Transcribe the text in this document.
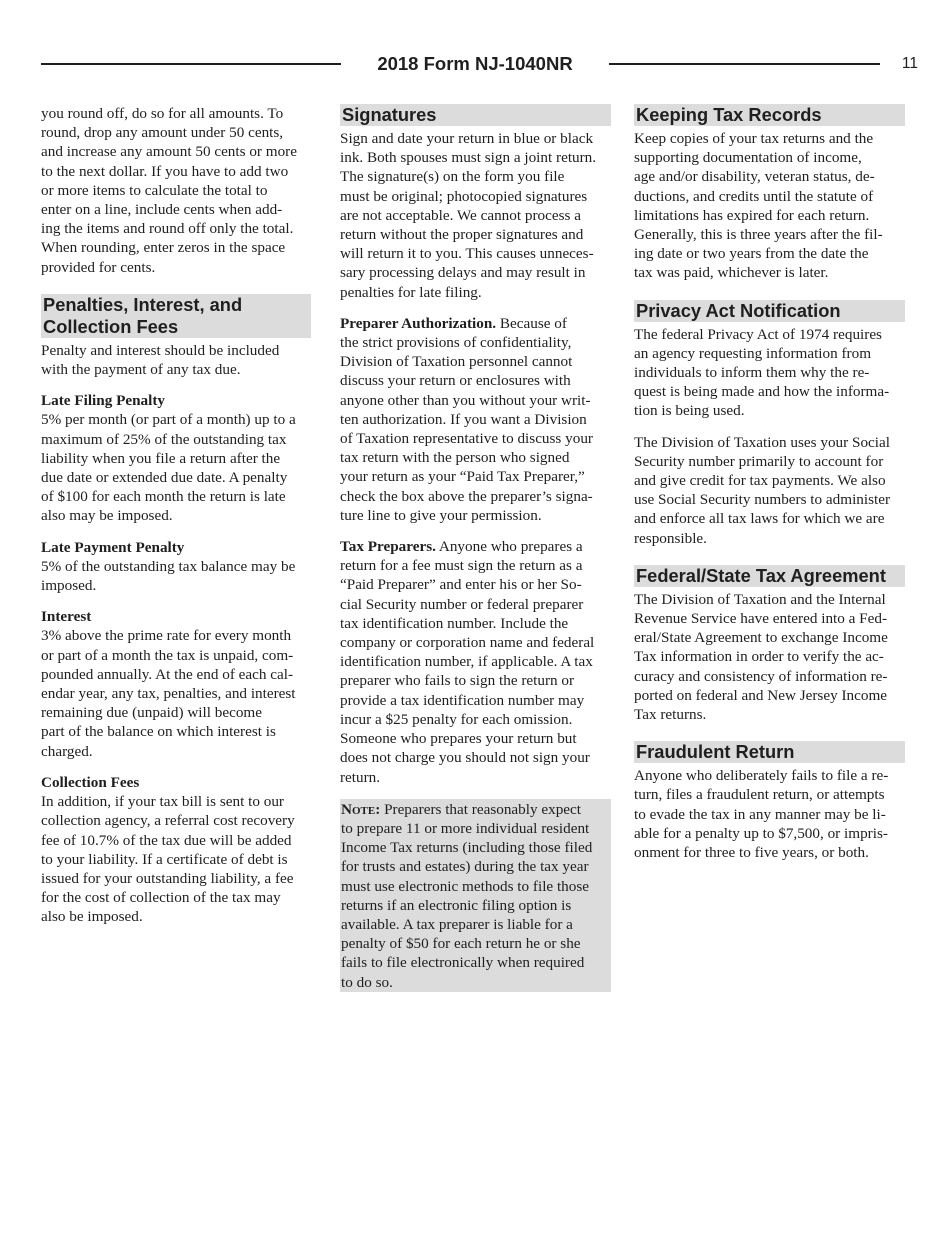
2018 Form NJ-1040NR	11

you round off, do so for all amounts. To
round, drop any amount under 50 cents,
and increase any amount 50 cents or more
to the next dollar. If you have to add two
or more items to calculate the total to
enter on a line, include cents when add-
ing the items and round off only the total.
When rounding, enter zeros in the space
provided for cents.

Penalties, Interest, and
Collection Fees

Penalty and interest should be included
with the payment of any tax due.

Late Filing Penalty

5% per month (or part of a month) up to a
maximum of 25% of the outstanding tax
liability when you file a return after the
due date or extended due date. A penalty
of $100 for each month the return is late
also may be imposed.

Late Payment Penalty

5% of the outstanding tax balance may be
imposed.

Interest

3% above the prime rate for every month
or part of a month the tax is unpaid, com-
pounded annually. At the end of each cal-
endar year, any tax, penalties, and interest
remaining due (unpaid) will become
part of the balance on which interest is
charged.

Collection Fees

In addition, if your tax bill is sent to our
collection agency, a referral cost recovery
fee of 10.7% of the tax due will be added
to your liability. If a certificate of debt is
issued for your outstanding liability, a fee
for the cost of collection of the tax may
also be imposed.

Signatures

Sign and date your return in blue or black
ink. Both spouses must sign a joint return.
The signature(s) on the form you file
must be original; photocopied signatures
are not acceptable. We cannot process a
return without the proper signatures and
will return it to you. This causes unneces-
sary processing delays and may result in
penalties for late filing.

Preparer Authorization. Because of
the strict provisions of confidentiality,
Division of Taxation personnel cannot
discuss your return or enclosures with
anyone other than you without your writ-
ten authorization. If you want a Division
of Taxation representative to discuss your
tax return with the person who signed
your return as your “Paid Tax Preparer,”
check the box above the preparer’s signa-
ture line to give your permission.

Tax Preparers. Anyone who prepares a
return for a fee must sign the return as a
“Paid Preparer” and enter his or her So-
cial Security number or federal preparer
tax identification number. Include the
company or corporation name and federal
identification number, if applicable. A tax
preparer who fails to sign the return or
provide a tax identification number may
incur a $25 penalty for each omission.
Someone who prepares your return but
does not charge you should not sign your
return.

Note: Preparers that reasonably expect
to prepare 11 or more individual resident
Income Tax returns (including those filed
for trusts and estates) during the tax year
must use electronic methods to file those
returns if an electronic filing option is
available. A tax preparer is liable for a
penalty of $50 for each return he or she
fails to file electronically when required
to do so.
Keeping Tax Records

Keep copies of your tax returns and the
supporting documentation of income,
age and/or disability, veteran status, de-
ductions, and credits until the statute of
limitations has expired for each return.
Generally, this is three years after the fil-
ing date or two years from the date the
tax was paid, whichever is later.

Privacy Act Notification

The federal Privacy Act of 1974 requires
an agency requesting information from
individuals to inform them why the re-
quest is being made and how the informa-
tion is being used.

The Division of Taxation uses your Social
Security number primarily to account for
and give credit for tax payments. We also
use Social Security numbers to administer
and enforce all tax laws for which we are
responsible.

Federal/State Tax Agreement

The Division of Taxation and the Internal
Revenue Service have entered into a Fed-
eral/State Agreement to exchange Income
Tax information in order to verify the ac-
curacy and consistency of information re-
ported on federal and New Jersey Income
Tax returns.

Fraudulent Return

Anyone who deliberately fails to file a re-
turn, files a fraudulent return, or attempts
to evade the tax in any manner may be li-
able for a penalty up to $7,500, or impris-
onment for three to five years, or both.
